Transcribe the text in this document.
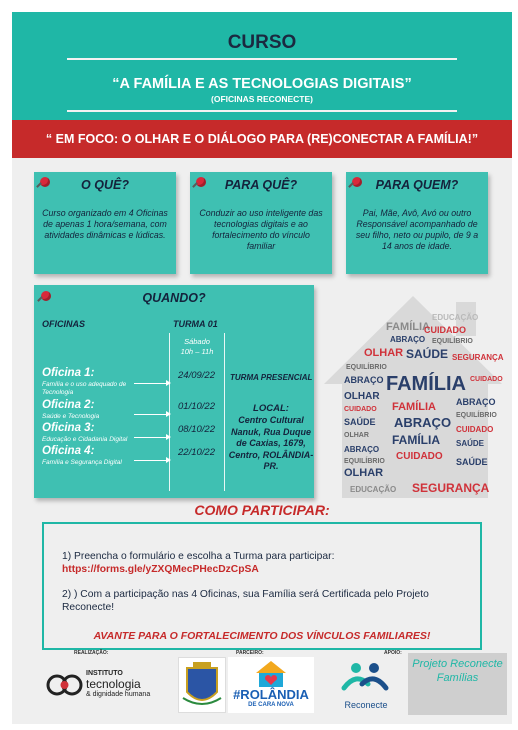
CURSO
“A FAMÍLIA E AS TECNOLOGIAS DIGITAIS”
(OFICINAS RECONECTE)
“ EM FOCO: O OLHAR E O DIÁLOGO PARA (RE)CONECTAR A FAMÍLIA!”
O QUÊ?
Curso organizado em 4 Oficinas de apenas 1 hora/semana, com atividades dinâmicas e lúdicas.
PARA QUÊ?
Conduzir ao uso inteligente das tecnologias digitais e ao fortalecimento do vínculo familiar
PARA QUEM?
Pai, Mãe, Avô, Avó ou outro Responsável acompanhado de seu filho, neto ou pupilo, de 9 a 14 anos de idade.
QUANDO?
OFICINAS	TURMA 01
Sábado
10h – 11h
TURMA PRESENCIAL
LOCAL:
Centro Cultural Nanuk, Rua Duque de Caxias, 1679, Centro, ROLÂNDIA-PR.
Oficina 1:
Família e o uso adequado de Tecnologia
24/09/22
Oficina 2:
Saúde e Tecnologia
01/10/22
Oficina 3:
Educação e Cidadania Digital
08/10/22
Oficina 4:
Família e Segurança Digital
22/10/22
EDUCAÇÃO
FAMÍLIA
CUIDADO
ABRAÇO EQUILÍBRIO
OLHAR SAÚDE SEGURANÇA
EQUILÍBRIO
FAMÍLIA
ABRAÇO	CUIDADO
OLHAR	ABRAÇO
CUIDADO FAMÍLIA
EQUILÍBRIO
SAÚDE ABRAÇO
OLHAR
CUIDADO
FAMÍLIA
ABRAÇO
SAÚDE
EQUILÍBRIO
OLHAR
CUIDADO SAÚDE
EDUCAÇÃO SEGURANÇA
COMO PARTICIPAR:
1) Preencha o formulário e escolha a Turma para participar:
https://forms.gle/yZXQMecPHecDzCpSA
2) ) Com a participação nas 4 Oficinas, sua Família será Certificada pelo Projeto Reconecte!
AVANTE PARA O FORTALECIMENTO DOS VÍNCULOS FAMILIARES!
REALIZAÇÃO:	PARCEIRO:	APOIO:
INSTITUTO
tecnologia
& dignidade humana	#ROLÂNDIA
DE CARA NOVA	Reconecte
Projeto Reconecte Famílias
